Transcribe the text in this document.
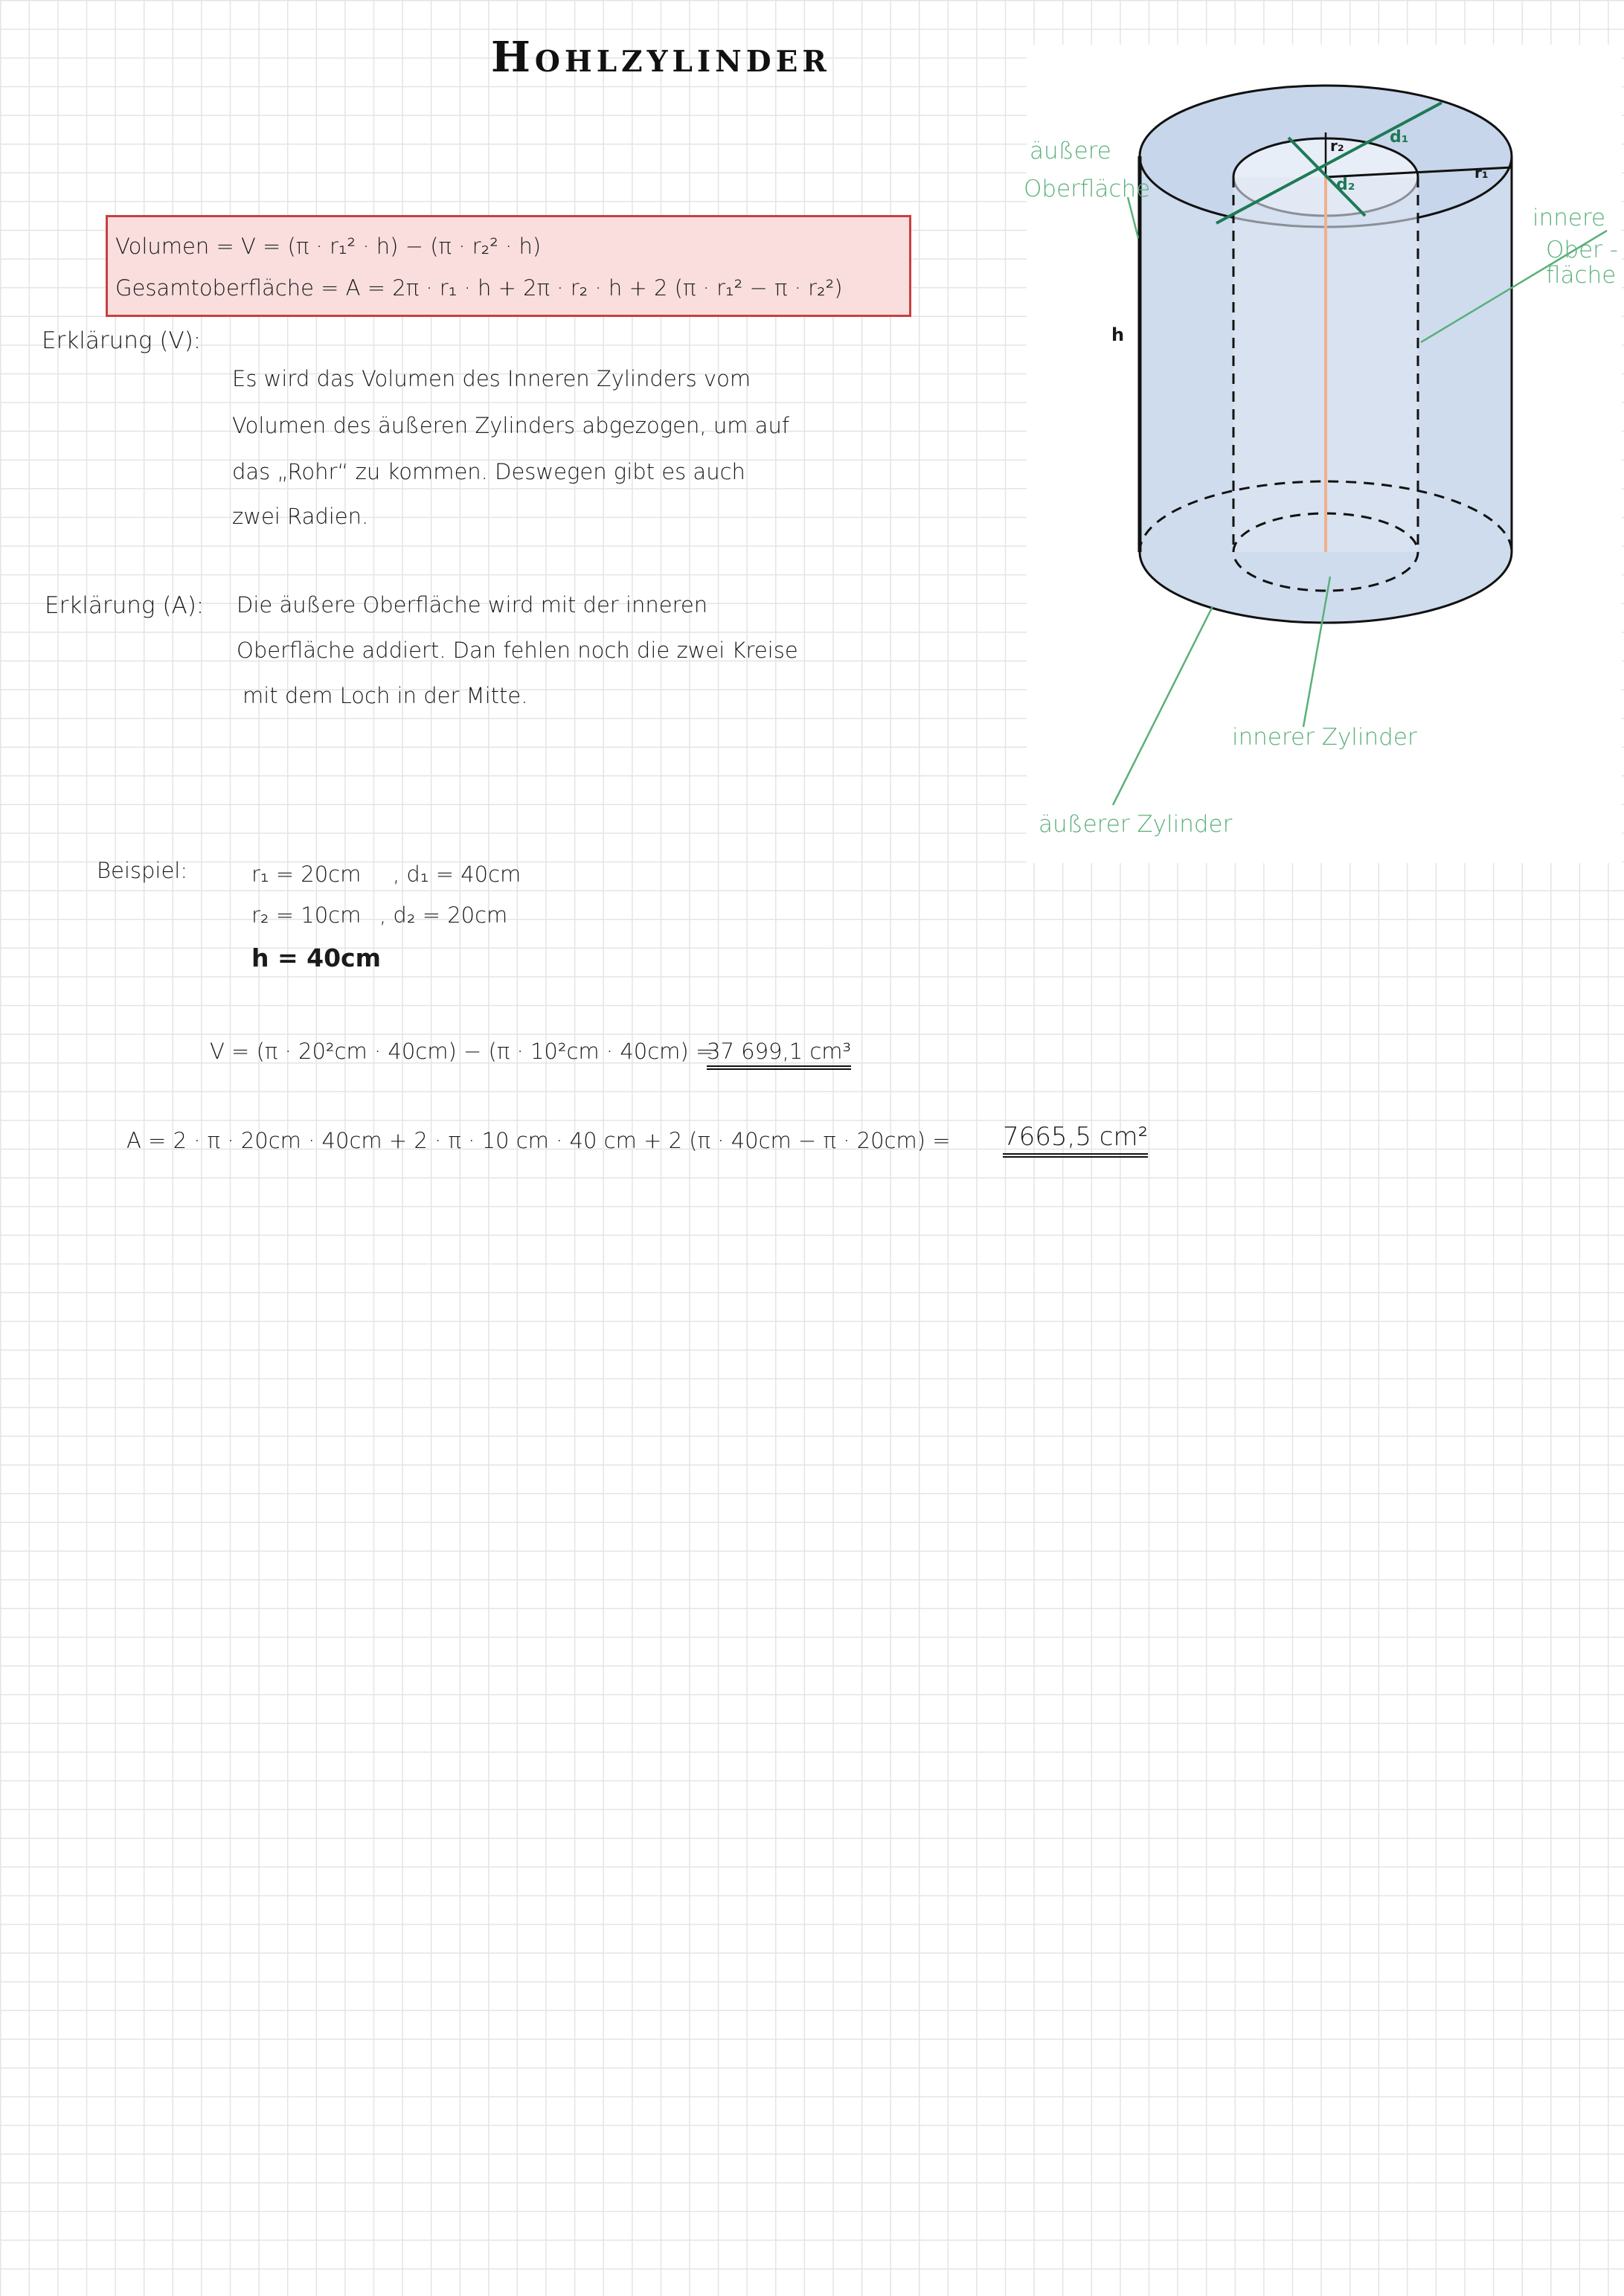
Hohlzylinder
Volumen = V = (π · r₁² · h) − (π · r₂² · h)
Gesamtoberfläche = A = 2π · r₁ · h + 2π · r₂ · h + 2 (π · r₁² − π · r₂²)
Erklärung (V):
Es wird das Volumen des Inneren Zylinders vom
Volumen des äußeren Zylinders abgezogen, um auf
das „Rohr“ zu kommen. Deswegen gibt es auch
zwei Radien.
Erklärung (A): Die äußere Oberfläche wird mit der inneren
Oberfläche addiert. Dan fehlen noch die zwei Kreise
mit dem Loch in der Mitte.
Beispiel:	r₁ = 20cm , d₁ = 40cm
r₂ = 10cm , d₂ = 20cm
h = 40cm
V = (π · 20²cm · 40cm) − (π · 10²cm · 40cm) =
37 699,1 cm³
A = 2 · π · 20cm · 40cm + 2 · π · 10 cm · 40 cm + 2 (π · 40cm − π · 20cm) = 7665,5 cm²
äußere
Oberfläche
innere
Ober -
fläche
innerer Zylinder
äußerer Zylinder
h
r₁
r₂	d₁
d₂
